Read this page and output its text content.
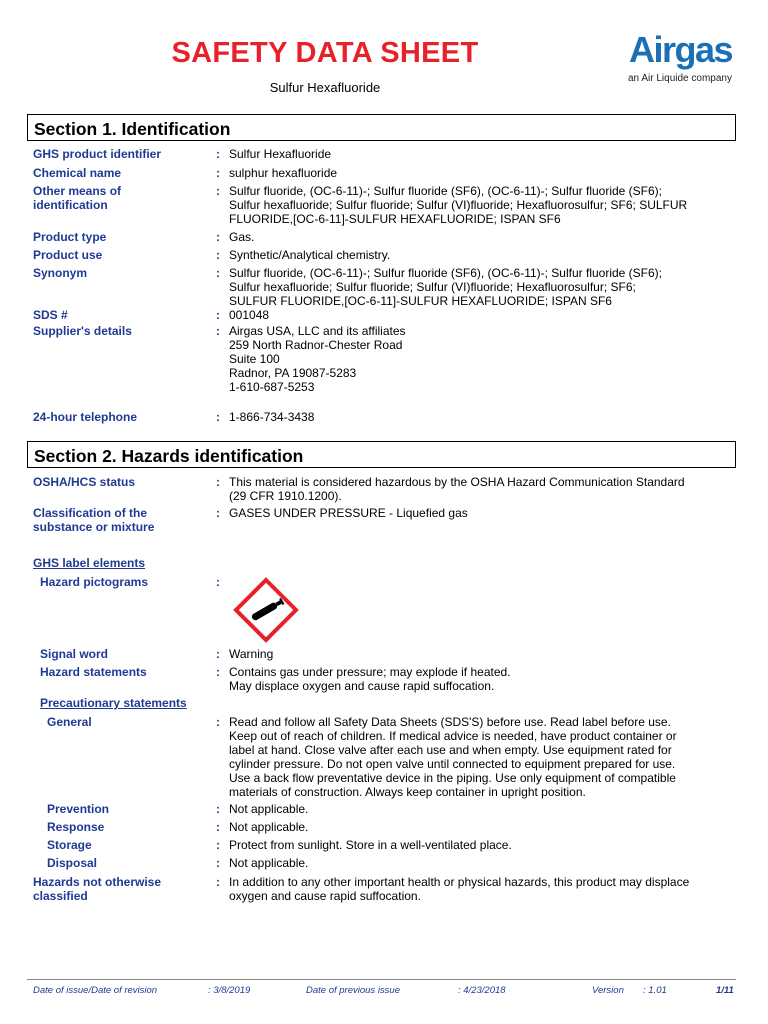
SAFETY DATA SHEET
Sulfur Hexafluoride
Airgas
an Air Liquide company
Section 1. Identification
GHS product identifier	: Sulfur Hexafluoride
Chemical name	: sulphur hexafluoride
Other means of
identification
: Sulfur fluoride, (OC-6-11)-; Sulfur fluoride (SF6), (OC-6-11)-; Sulfur fluoride (SF6);
Sulfur hexafluoride; Sulfur fluoride; Sulfur (VI)fluoride; Hexafluorosulfur; SF6; SULFUR
FLUORIDE,[OC-6-11]-SULFUR HEXAFLUORIDE; ISPAN SF6
Product type	: Gas.
Product use	: Synthetic/Analytical chemistry.
Synonym	: Sulfur fluoride, (OC-6-11)-; Sulfur fluoride (SF6), (OC-6-11)-; Sulfur fluoride (SF6);
Sulfur hexafluoride; Sulfur fluoride; Sulfur (VI)fluoride; Hexafluorosulfur; SF6;
SULFUR FLUORIDE,[OC-6-11]-SULFUR HEXAFLUORIDE; ISPAN SF6
SDS #	: 001048
Supplier's details	: Airgas USA, LLC and its affiliates
259 North Radnor-Chester Road
Suite 100
Radnor, PA 19087-5283
1-610-687-5253
24-hour telephone	: 1-866-734-3438
Section 2. Hazards identification
OSHA/HCS status	: This material is considered hazardous by the OSHA Hazard Communication Standard
(29 CFR 1910.1200).
Classification of the
substance or mixture
: GASES UNDER PRESSURE - Liquefied gas
GHS label elements
Hazard pictograms	:
Signal word	: Warning
Hazard statements	: Contains gas under pressure; may explode if heated.
May displace oxygen and cause rapid suffocation.
Precautionary statements
General	: Read and follow all Safety Data Sheets (SDS'S) before use. Read label before use.
Keep out of reach of children. If medical advice is needed, have product container or
label at hand. Close valve after each use and when empty. Use equipment rated for
cylinder pressure. Do not open valve until connected to equipment prepared for use.
Use a back flow preventative device in the piping. Use only equipment of compatible
materials of construction. Always keep container in upright position.
Prevention	: Not applicable.
Response	: Not applicable.
Storage	: Protect from sunlight. Store in a well-ventilated place.
Disposal	: Not applicable.
Hazards not otherwise
classified
: In addition to any other important health or physical hazards, this product may displace
oxygen and cause rapid suffocation.
Date of issue/Date of revision	: 3/8/2019	Date of previous issue	: 4/23/2018	Version : 1.01	1/11
